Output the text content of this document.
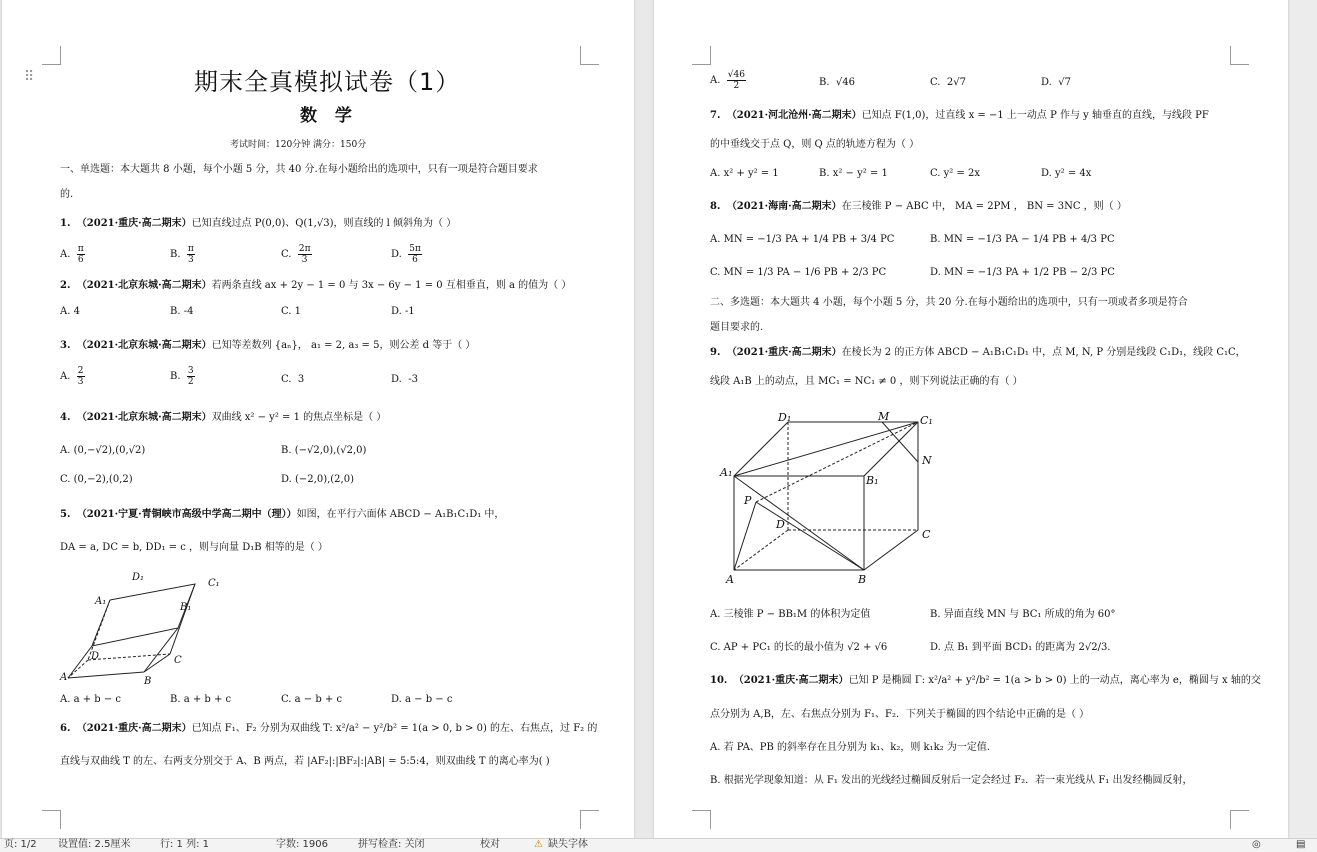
⠿	期末全真模拟试卷（1）
数 学
考试时间：120分钟 满分：150分
一、单选题：本大题共 8 小题，每个小题 5 分，共 40 分.在每小题给出的选项中，只有一项是符合题目要求
的.
1. （2021·重庆·高二期末）已知直线过点 P(0,0)、Q(1,√3)，则直线的 l 倾斜角为（ ）
A. $\frac{\pi}{6}$	B. $\frac{\pi}{3}$	C. $\frac{2\pi}{3}$	D. $\frac{5\pi}{6}$
2. （2021·北京东城·高二期末）若两条直线 ax + 2y − 1 = 0 与 3x − 6y − 1 = 0 互相垂直，则 a 的值为（ ）
A. 4	B. -4	C. 1	D. -1
3. （2021·北京东城·高二期末）已知等差数列 {aₙ}， a₁ = 2, a₃ = 5，则公差 d 等于（ ）
A. $\frac{2}{3}$	B. $\frac{3}{2}$	C. 3	D. -3
4. （2021·北京东城·高二期末）双曲线 x² − y² = 1 的焦点坐标是（ ）
A. (0,−√2),(0,√2)	B. (−√2,0),(√2,0)
C. (0,−2),(0,2)	D. (−2,0),(2,0)
5. （2021·宁夏·青铜峡市高级中学高二期中（理））如图，在平行六面体 ABCD − A₁B₁C₁D₁ 中，
DA = a, DC = b, DD₁ = c ，则与向量 D₁B 相等的是（ ）
D₁
C₁
A₁
B₁
D	C
A	B
A. a + b − c	B. a + b + c	C. a − b + c	D. a − b − c
6. （2021·重庆·高二期末）已知点 F₁、F₂ 分别为双曲线 T: x²/a² − y²/b² = 1(a > 0, b > 0) 的左、右焦点，过 F₂ 的
直线与双曲线 T 的左、右两支分别交于 A、B 两点，若 |AF₂|:|BF₂|:|AB| = 5:5:4，则双曲线 T 的离心率为( )
A. $\frac{√46}{2}$	B. √46	C. 2√7	D. √7
7. （2021·河北沧州·高二期末）已知点 F(1,0)，过直线 x = −1 上一动点 P 作与 y 轴垂直的直线，与线段 PF
的中垂线交于点 Q，则 Q 点的轨迹方程为（ ）
A. x² + y² = 1	B. x² − y² = 1	C. y² = 2x	D. y² = 4x
8. （2021·海南·高二期末）在三棱锥 P − ABC 中， MA = 2PM ， BN = 3NC ，则（ ）
A. MN = −1/3 PA + 1/4 PB + 3/4 PC	B. MN = −1/3 PA − 1/4 PB + 4/3 PC
C. MN = 1/3 PA − 1/6 PB + 2/3 PC	D. MN = −1/3 PA + 1/2 PB − 2/3 PC
二、多选题：本大题共 4 小题，每个小题 5 分，共 20 分.在每小题给出的选项中，只有一项或者多项是符合
题目要求的.
9. （2021·重庆·高二期末）在棱长为 2 的正方体 ABCD − A₁B₁C₁D₁ 中，点 M, N, P 分别是线段 C₁D₁，线段 C₁C，
线段 A₁B 上的动点，且 MC₁ = NC₁ ≠ 0 ，则下列说法正确的有（ ）
D₁	M	C₁
N
A₁
B₁
P
D
C
A	B
A. 三棱锥 P − BB₁M 的体积为定值	B. 异面直线 MN 与 BC₁ 所成的角为 60°
C. AP + PC₁ 的长的最小值为 √2 + √6	D. 点 B₁ 到平面 BCD₁ 的距离为 2√2/3.
10. （2021·重庆·高二期末）已知 P 是椭圆 Γ: x²/a² + y²/b² = 1(a > b > 0) 上的一动点，离心率为 e，椭圆与 x 轴的交
点分别为 A,B，左、右焦点分别为 F₁、F₂．下列关于椭圆的四个结论中正确的是（ ）
A. 若 PA、PB 的斜率存在且分别为 k₁、k₂，则 k₁k₂ 为一定值.
B. 根据光学现象知道：从 F₁ 发出的光线经过椭圆反射后一定会经过 F₂．若一束光线从 F₁ 出发经椭圆反射，
页: 1/2 设置值: 2.5厘米	行: 1 列: 1	字数: 1906	拼写检查: 关闭	校对	⚠ 缺失字体	◎	▤
